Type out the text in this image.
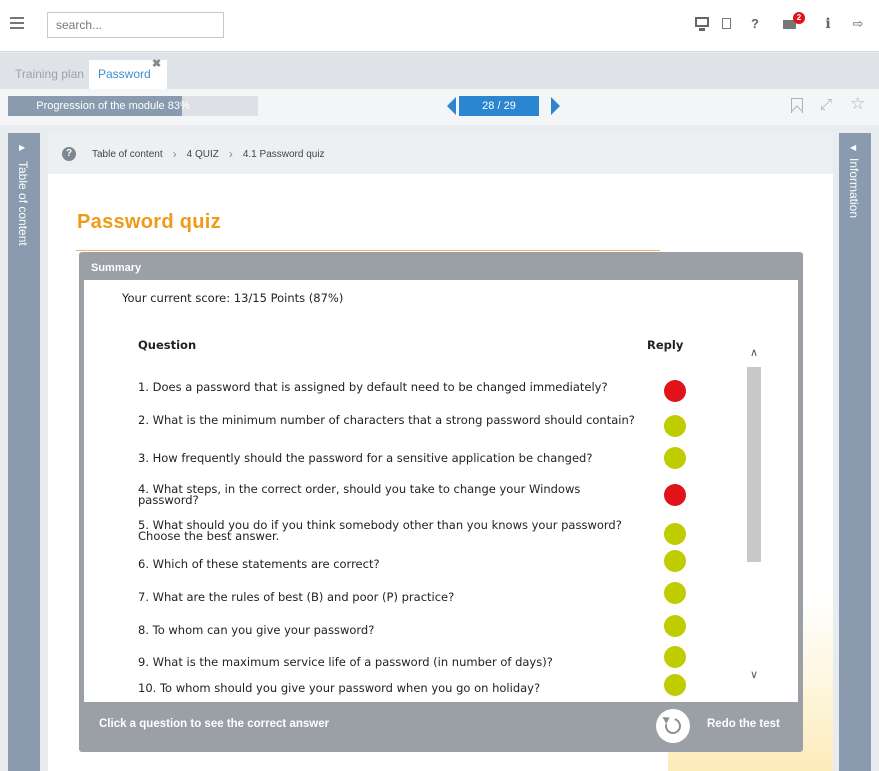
search...
?	2 i ⇨
Training plan	Password
✖
Progression of the module 83%	28 / 29	⤢	☆
▶
Table of content
◀
Information
?	Table of content › 4 QUIZ › 4.1 Password quiz
Password quiz
Summary
Your current score: 13/15 Points (87%)
Question	Reply
1. Does a password that is assigned by default need to be changed immediately?
2. What is the minimum number of characters that a strong password should contain?
3. How frequently should the password for a sensitive application be changed?
4. What steps, in the correct order, should you take to change your Windows password?
5. What should you do if you think somebody other than you knows your password? Choose the best answer.
6. Which of these statements are correct?
7. What are the rules of best (B) and poor (P) practice?
8. To whom can you give your password?
9. What is the maximum service life of a password (in number of days)?
10. To whom should you give your password when you go on holiday?
∧
∨
Click a question to see the correct answer	Redo the test
